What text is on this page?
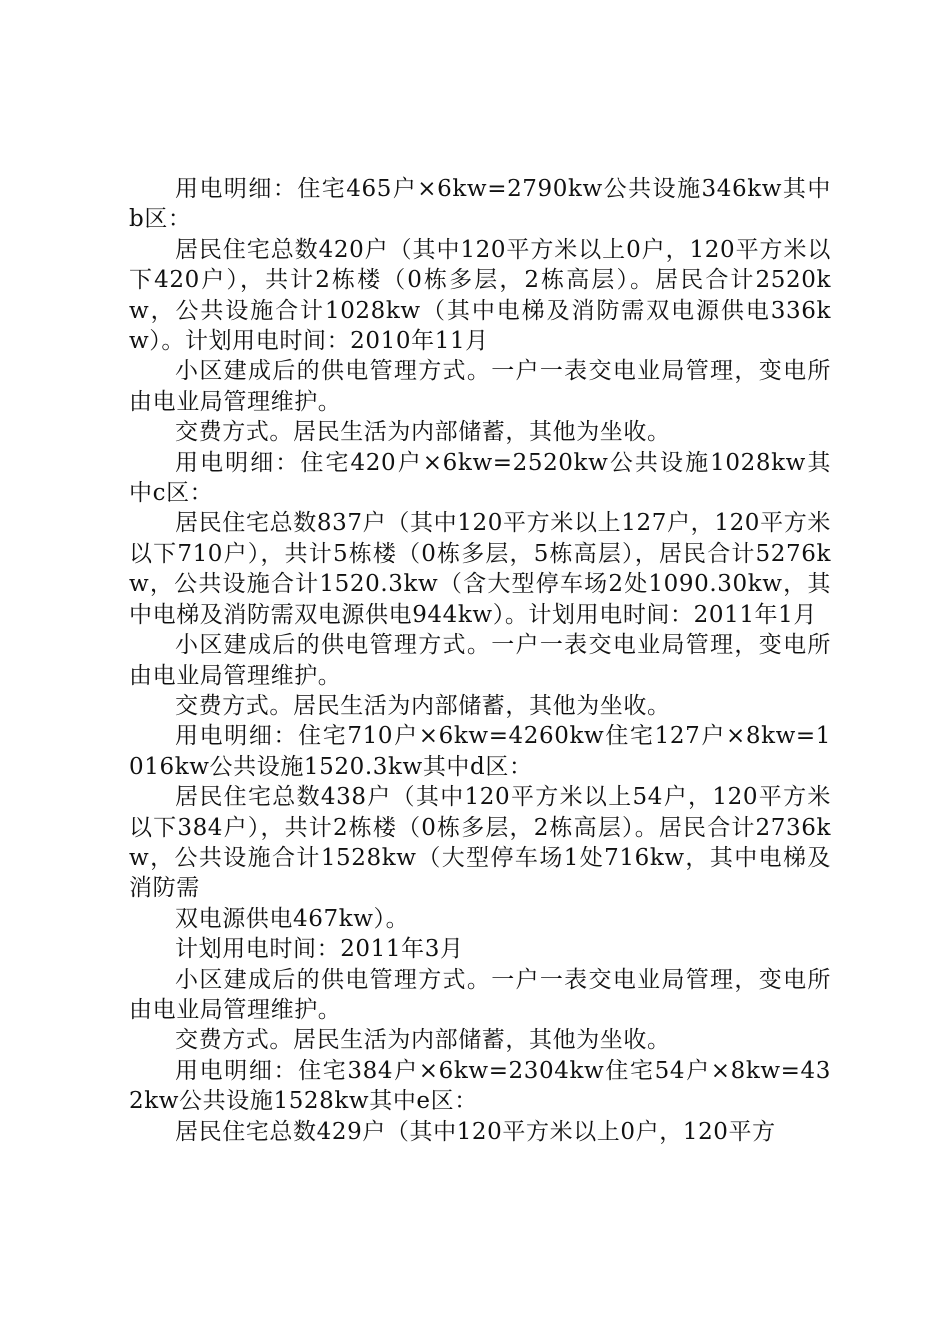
用电明细：住宅465户×6kw=2790kw公共设施346kw其中b区：

居民住宅总数420户（其中120平方米以上0户，120平方米以下420户），共计2栋楼（0栋多层，2栋高层）。居民合计2520kw，公共设施合计1028kw（其中电梯及消防需双电源供电336kw）。计划用电时间：2010年11月

小区建成后的供电管理方式。一户一表交电业局管理，变电所由电业局管理维护。

交费方式。居民生活为内部储蓄，其他为坐收。

用电明细：住宅420户×6kw=2520kw公共设施1028kw其中c区：

居民住宅总数837户（其中120平方米以上127户，120平方米以下710户），共计5栋楼（0栋多层，5栋高层），居民合计5276kw，公共设施合计1520.3kw（含大型停车场2处1090.30kw，其中电梯及消防需双电源供电944kw）。计划用电时间：2011年1月

小区建成后的供电管理方式。一户一表交电业局管理，变电所由电业局管理维护。

交费方式。居民生活为内部储蓄，其他为坐收。

用电明细：住宅710户×6kw=4260kw住宅127户×8kw=1016kw公共设施1520.3kw其中d区：

居民住宅总数438户（其中120平方米以上54户，120平方米以下384户），共计2栋楼（0栋多层，2栋高层）。居民合计2736kw，公共设施合计1528kw（大型停车场1处716kw，其中电梯及消防需

双电源供电467kw）。

计划用电时间：2011年3月

小区建成后的供电管理方式。一户一表交电业局管理，变电所由电业局管理维护。

交费方式。居民生活为内部储蓄，其他为坐收。

用电明细：住宅384户×6kw=2304kw住宅54户×8kw=432kw公共设施1528kw其中e区：

居民住宅总数429户（其中120平方米以上0户，120平方
